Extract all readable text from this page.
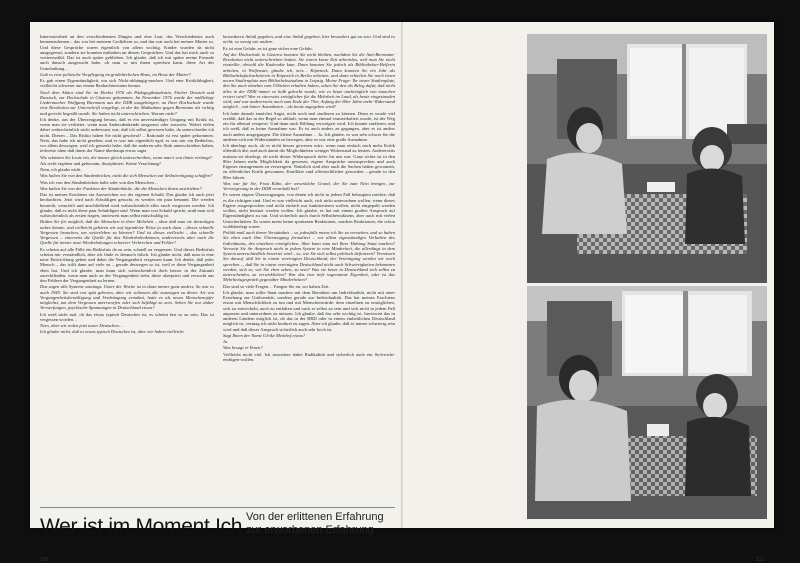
Interessiertheit an den verschiedensten Dingen und eine Lust, das Verschiedenste auch kennenzulernen – das war bei meinem Großeltern so, und das war auch bei meiner Mutter so. Und diese Gespräche waren eigentlich von allem wichtig. Kinder wurden da nicht ausgegrenzt, sondern sie konnten mithalten an diesen Gesprächen. Und das hat mich auch so weitererzählt. Das ist auch später geblieben. Ich glaube, daß ich mit später meine Freunde auch danach ausgesucht habe, ob man so mit ihnen sprechen kann, diese Art der Unterhaltung…

Gab es eine politische Verpflegung im großelterlichen Haus, im Haus der Mutter?

Es gab einen Eigenständigkeit, ein sich Nicht-abhängig-machen. Und eine Kritikfähigkeit, vielleicht schwerer aus einem Beobachterstatus heraus.

Noch dem Abitur sind Sie im Herbst 1976 als Pädagogikstudentin, Fächer Deutsch und Russisch, zur Hochschule in Güstrow gekommen. Im November 1976 wurde der mißliebige Liedermacher Wolfgang Biermann aus der DDR ausgebürgert, an Ihrer Hochschule wurde eine Resolution zur Unterschrift vorgelegt, in der die Maßnahme gegen Biermann als richtig und gerecht begrüßt wurde. Sie haben nicht unterschrieben. Warum nicht?

Ich denke, aus der Überzeugung heraus, daß es ein unverständiger Umgang mit Kritik ist, wenn man sie verbietet, wenn man Andersdenkende ausgrenzt oder ausweist. Wobei vielen dabei wahrscheinlich nicht unbewusst war, daß ich selbst gewesen habe, da unterschreibe ich nicht. Diesen – Das Risiko haben Sie nicht gescheut? – Rationale ist erst später gekommen. Nein, das habe ich nicht gesehen, und es war mir eigentlich egal, es war mir ein Bedürfnis, vor allem deswegen, weil ich gemerkt habe, daß die anderen sehr flink unterschrieben haben, teilweise ohne daß ihnen der Name überhaupt etwas sagte.

Wie schätzen Sie Leute ein, die immer gleich unterschreiben, wenn man's von ihnen verlangt?

Als recht ergeben und gehorsam, diszipliniert. Keine Verachtung?

Nein, ich glaube nicht.

Was halten Sie von den Sündenböcken, nicht die sich Menschen zur Selbstreinigung schaffen?

Was ich von den Sündenböcken halte oder von den Menschen…

Was halten Sie von der Funktion der Sündenböcke, die die Menschen ihnen zuschieben?

Das ist meines Erachtens ein Ausweichen vor der eigenen Schuld. Das glaube ich auch jetzt beobachten. Jetzt wird nach Schuldigen gesucht, es werden ein paar benannt. Die werden beurteilt, verurteilt und anschließend wird wahrscheinlich alles rasch vergessen werden. Ich glaube, daß es nicht diese paar Schuldigen sind. Wenn man von Schuld spricht, muß man sich wahrscheinlich als ersten fragen, inwieweit man selbst mitschuldig ist.

Halten Sie für möglich, daß die Menschen in ihrer Mehrheit – ohne daß man sie derzeitigen nahes könnte, und vielleicht gehören wir auf irgendeine Weise ja auch dazu – dieses schnelle Vergessen brauchen, um weiterleben zu können? Und ist dieses vielleicht – das schnelle Vergessen – einerseits die Quelle für das Wiederholenkönnen, andererseits aber auch die Quelle für immer neue Wiederholungen schwerer Verbrechen und Fehler?

Es scheint auf alle Fälle ein Bedürfnis da zu sein, schnell zu vergessen. Und dieses Bedürfnis scheint mir verständlich, aber ich finde es dennoch falsch. Ich glaube nicht, daß man in eine neue Entwicklung gehen und dabei die Vergangenheit vergessen kann. Ich denke, daß jeder Mensch – das trifft dann auf viele zu – gerade deswegen so ist, weil er diese Vergangenheit eben hat. Und ich glaube, man kann sich wahrscheinlich doch besser in der Zukunft zurechtfinden, wenn man auch zu der Vergangenheit steht, diese akzeptiert und versucht aus den Fehlern der Vergangenheit zu lernen.

Das sagen alle Systeme sonntags. Unter der Woche ist es dann immer ganz anders. So war es auch 1945. Sie sind erst spät geboren, aber wir schienen alle sozusagen zu dieser Art von Vergangenheitsbewältigung und Verdrängung ermahnt, hatte es als neues Menschenopfer möglichst, um dem Vergessen unterworfen oder sich befähigt zu sein. Sehen Sie nur daher Verwerfungen, psychische Spannungen in Deutschland etwas?

Ich weiß nicht mal, ob das etwas typisch Deutsches ist, es scheint fast so zu sein. Das ist vergessen worden…

Nein, aber wir reden jetzt unser Deutschen…

Ich glaube nicht, daß es etwas typisch Deutsches ist, aber wir haben vielleicht

besonderen Anlaß gegeben, und eine Anlaß gegeben, hier besonders gut zu sein. Und sind es nicht; so wenig wie andere.

Es ist eine Gefahr, es ist ganz sicher eine Gefahr.

Auf der Hochschule in Güstrow konnten Sie nicht bleiben, nachdem Sie die Anti-Biermann-Resolution nicht unterschrieben hatten. Sie waren kurze Zeit arbeitslos, weil man Sie nicht einstellte, obwohl die Kaderakte kam. Dann konnten Sie jedoch als Bibliothekar-Helferin arbeiten, in Wolfenstet, glaube ich, neis… Köpenick. Dann konnten Sie ein Jahr als Bibliotheksfacharbeiterin in Köpenick in Berlin arbeiten, und dann erhielten Sie noch einen neuen Studienplatz zum Bibliotheksstudium in Leipzig. Meine Frage: Ihr neuer Studienplatz, den Sie auch ohnehin vom Ülbichen erhalten haben, sehen Sie den als Beleg dafür, daß nicht alles in der DDR immer so halb gekocht wurde, wie es heute nachträglich von manchen ersiert wird? War es einerseits erträglicher für die Mehrheit im Land, als heute eingestanden wird, und war andererseits auch zum Ende der 70er, Anfang der 80er Jahre mehr Widerstand möglich – mit hinter Ausnahmen – als heute zugegeben wird?

Ich hatte damals zunächst Angst, nicht noch mal studieren zu können. Denn es wurde viel erzählt, daß das in der Regel so abläuft, wenn man einmal exmatrikuliert wurde, ist der Weg ein für allemal versperrt. Und dann auch Bildung verweigert wird. Ich konnte studieren, und ich weiß, daß es keine Ausnahme war. Es ist auch anders zu gegangen, aber es ist anders auch anders ausgegangen. Die kleine Ausnahme… Ja. Ich glaube, es war sehr schwer für die anderen sich mit Widerständen zu bewegen, aber es war eine große Ausnahme.

Ich überlege auch, ob es nicht besser gewesen wäre, wenn man einfach nach mehr Kritik öffentlich übt, und auch damit die Möglichkeiten weniger Widerstand zu leisten. Andererseits müssen sie überlegt, ob nicht dieser Widerspruch tiefer für uns war. Ganz sicher ist in den 80er Jahren mehr Möglichkeit da gewesen, eigene Ansprüche auszusprechen und auch Eigenes einzugrenzen zu verweigern. Natürlich sind aber auch die Sachen hätten gewonnen, zu öffentlicher Kritik gewonnen, Konflikte sind offensichtlicher geworden – gerade in den 80er Jahren.

Was war für Sie, Frau Kühn, der wesentliche Grund, der Sie zum Nein bringen, zur Verweigerung in der DDR veranlaßt hat?

Es waren eigene Überzeugungen, von denen ich nicht in jedem Fall behaupten möchte, daß es die richtigen sind. Und es war vielleicht auch, sich nicht unterordnen wollen, wenn dieses Eigene ausgesprochen und nicht einfach nur funktionieren wollen, nicht eingepaßt werden wollen, nicht benutzt werden wollen. Ich glaube, es hat mit einem großen Anspruch auf Eigenständigkeit zu tun. Und sicherlich auch durch Selbstbewußtsein, aber auch mit vielen Unsicherheiten. Es waren meist keine spontanen Reaktionen, sondern Reaktionen, die schon wohlüberlegt waren.

Politik muß auch ihrem Verständnis – so jedenfalls meine ich Sie zu verstehen, und so haben Sie eben auch Ihre Überzeugung formuliert – vor allem eigenständiges Verhalten des Individuums, des einzelnen ermöglichen. Aber kann man mit Ihrer Haltung Staat machen? Verweist Sie ihr Anspruch nicht in jedem System in eine Minderheit, die allerdings in dem System unterschiedlich bewertet wird – so, wie Sie sich selbst politisch definieren? Vermissen Sie darauf, daß Sie in einem vereinigten Deutschland, der Vereinigung werden wir noch sprechen –, daß Sie in einem vereinigten Deutschland nicht auch Schwierigkeiten bekommen werden, sich so, wie Sie eben sehen, zu sein? Was sie heute in Deutschland sich selbst zu unterscheiden, zu verwirklichen? War das eine tiefe sogenannte Eigenheit, oder ist das Mehrheitsgespräch gegenüber Minderheiten?

Das sind so viele Fragen… Fangen Sie an, wo haben Zeit.

Ich glaube, man sollte Staat machen mit dem Bemühen um Individualität, nicht mit einer Erziehung zur Uniformität, sondern gerade zur Individualität. Das hat meines Erachtens etwas mit Menschlichkeit zu tun und mit Menschenwürde: dem einzelnen zu ermöglichen, sich zu entwickeln, auch zu entfalten und auch er selbst zu sein und sich nicht in jedem Fall anpassen und unterordnen zu müssen. Ich glaube, daß das sehr wichtig ist. Inwieweit das in anderen Ländern möglich ist, ob das in der BRD oder in einem einheitlichen Deutschland möglich ist, vermag ich nicht konkret zu sagen. Aber ich glaube, daß es immer schwierig sein wird und daß dieser Anspruch sicherlich auch sehr hoch ist.

Sagt Ihnen der Name Ulrike Meinhof etwas?

Ja.

Was besagt er Ihnen?

Vielleicht nicht viel. Ich assoziiere dabei Radikalität und sicherlich auch ein Sich-nicht-einfügen-wollen.

Wer ist im Moment Ich Von der erlittenen Erfahrung zur erworbenen Erfahrung
200	201
